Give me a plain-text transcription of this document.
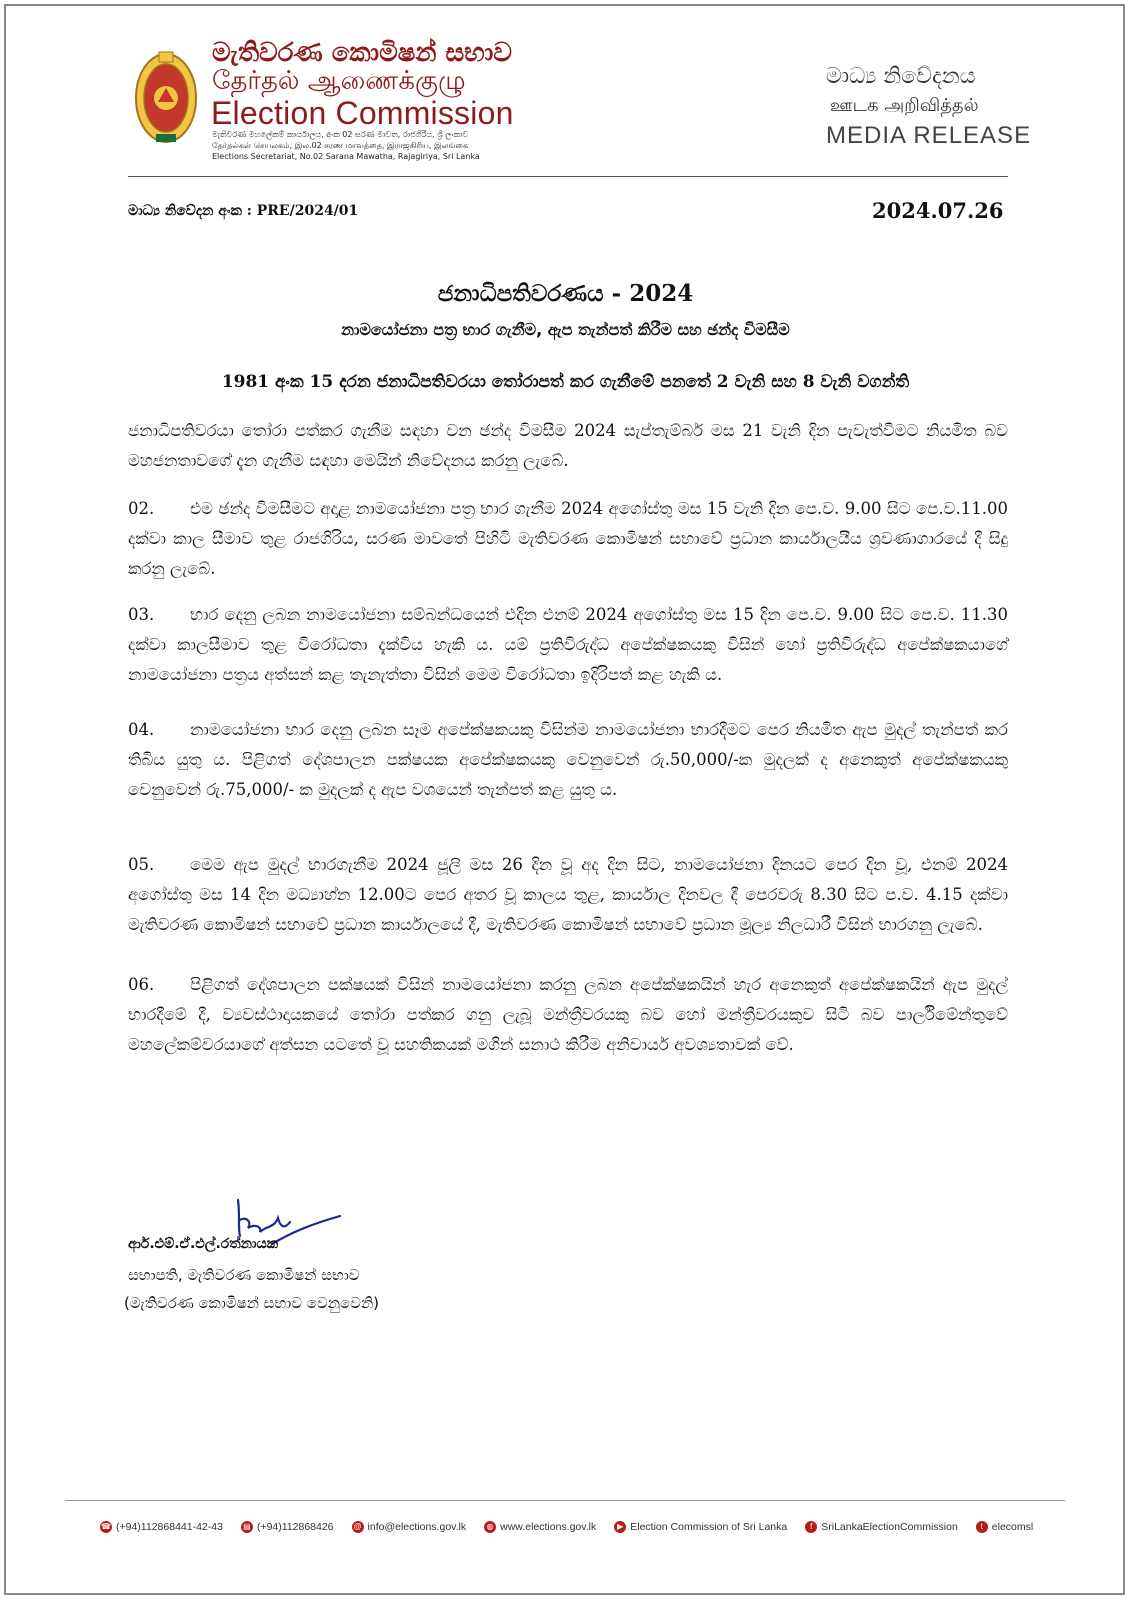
මැතිවරණ කොමිෂන් සභාව
தேர்தல் ஆணைக்குழு
Election Commission
මැතිවරණ මහලේකම් කාර්යාලය, අංක 02 සරණ මාවත, රාජගිරිය, ශ්‍රී ලංකාව
தேர்தல்கள் செயலகம், இல.02 சரண மாவத்தை, இராஜகிரிய, இலங்கை
Elections Secretariat, No.02 Sarana Mawatha, Rajagiriya, Sri Lanka
මාධ්‍ය නිවේදනය
ஊடக அறிவித்தல்
MEDIA RELEASE
මාධ්‍ය නිවේදන අංක : PRE/2024/01	2024.07.26
ජනාධිපතිවරණය - 2024
නාමයෝජනා පත්‍ර භාර ගැනීම, ඇප තැන්පත් කිරීම සහ ඡන්ද විමසීම
1981 අංක 15 දරන ජනාධිපතිවරයා තෝරාපත් කර ගැනීමේ පනතේ 2 වැනි සහ 8 වැනි වගන්ති
ජනාධිපතිවරයා තෝරා පත්කර ගැනීම සඳහා වන ඡන්ද විමසීම 2024 සැප්තැම්බර් මස 21 වැනි දින පැවැත්වීමට නියමිත බව මහජනතාවගේ දැන ගැනීම සඳහා මෙයින් නිවේදනය කරනු ලැබේ.
02. එම ඡන්ද විමසීමට අදාළ නාමයෝජනා පත්‍ර භාර ගැනීම 2024 අගෝස්තු මස 15 වැනි දින පෙ.ව. 9.00 සිට පෙ.ව.11.00 දක්වා කාල සීමාව තුළ රාජගිරිය, සරණ මාවතේ පිහිටි මැතිවරණ කොමිෂන් සභාවේ ප්‍රධාන කාර්යාලයීය ශ්‍රවණාගාරයේ දී සිදු කරනු ලැබේ.
03. භාර දෙනු ලබන නාමයෝජනා සම්බන්ධයෙන් එදින එනම් 2024 අගෝස්තු මස 15 දින පෙ.ව. 9.00 සිට පෙ.ව. 11.30 දක්වා කාලසීමාව තුළ විරෝධතා දැක්විය හැකි ය. යම් ප්‍රතිවිරුද්ධ අපේක්ෂකයකු විසින් හෝ ප්‍රතිවිරුද්ධ අපේක්ෂකයාගේ නාමයෝජනා පත්‍රය අත්සන් කළ තැනැත්තා විසින් මෙම විරෝධතා ඉදිරිපත් කළ හැකි ය.
04. නාමයෝජනා භාර දෙනු ලබන සෑම අපේක්ෂකයකු විසින්ම නාමයෝජනා භාරදීමට පෙර නියමිත ඇප මුදල් තැන්පත් කර තිබිය යුතු ය. පිළිගත් දේශපාලන පක්ෂයක අපේක්ෂකයකු වෙනුවෙන් රු.50,000/-ක මුදලක් ද අනෙකුත් අපේක්ෂකයකු වෙනුවෙන් රු.75,000/- ක මුදලක් ද ඇප වශයෙන් තැන්පත් කළ යුතු ය.
05. මෙම ඇප මුදල් භාරගැනීම 2024 ජූලි මස 26 දින වූ අද දින සිට, නාමයෝජනා දිනයට පෙර දින වූ, එනම් 2024 අගෝස්තු මස 14 දින මධ්‍යාහ්න 12.00ට පෙර අතර වූ කාලය තුළ, කාර්යාල දිනවල දී පෙරවරු 8.30 සිට ප.ව. 4.15 දක්වා මැතිවරණ කොමිෂන් සභාවේ ප්‍රධාන කාර්යාලයේ දී, මැතිවරණ කොමිෂන් සභාවේ ප්‍රධාන මූල්‍ය නිලධාරී විසින් භාරගනු ලැබේ.
06. පිළිගත් දේශපාලන පක්ෂයක් විසින් නාමයෝජනා කරනු ලබන අපේක්ෂකයින් හැර අනෙකුත් අපේක්ෂකයින් ඇප මුදල් භාරදීමේ දී, ව්‍යවස්ථාදායකයේ තෝරා පත්කර ගනු ලැබූ මන්ත්‍රීවරයකු බව හෝ මන්ත්‍රීවරයකුව සිටි බව පාර්ලිමේන්තුවේ මහලේකම්වරයාගේ අත්සන යටතේ වූ සහතිකයක් මගින් සනාථ කිරීම අනිවාර්ය අවශ්‍යතාවක් වේ.
ආර්.එම්.ඒ.එල්.රත්නායක
සභාපති, මැතිවරණ කොමිෂන් සභාව
(මැතිවරණ කොමිෂන් සභාව වෙනුවෙනි)
☎ (+94)112868441-42-43	▤ (+94)112868426 @ info@elections.gov.lk	◍ www.elections.gov.lk	▶ Election Commission of Sri Lanka	f SriLankaElectionCommission	t elecomsl
